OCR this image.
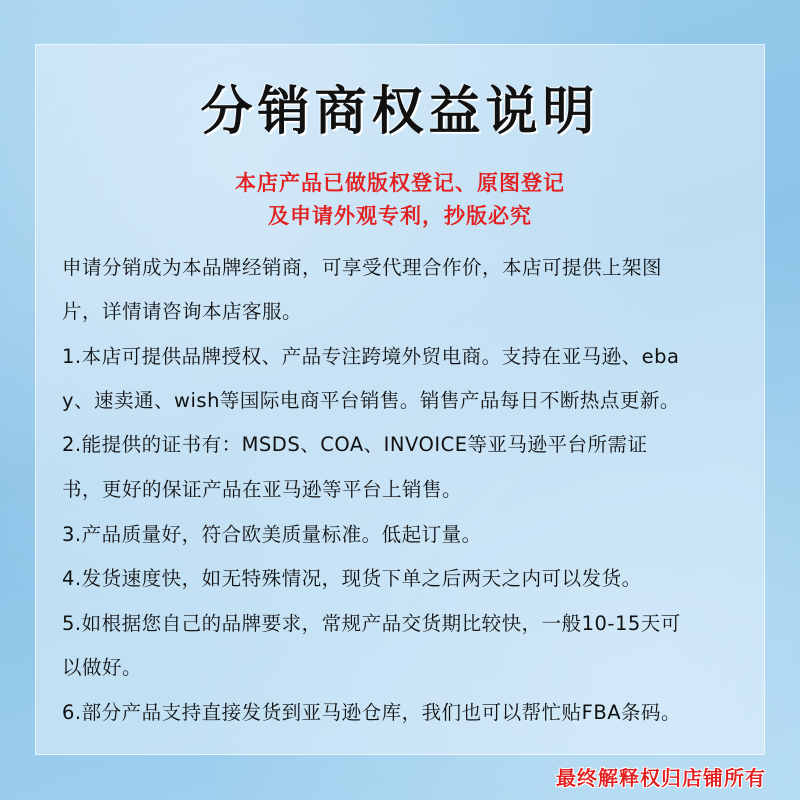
分销商权益说明
本店产品已做版权登记、原图登记
及申请外观专利，抄版必究
申请分销成为本品牌经销商，可享受代理合作价，本店可提供上架图
片，详情请咨询本店客服。
1.本店可提供品牌授权、产品专注跨境外贸电商。支持在亚马逊、eba
y、速卖通、wish等国际电商平台销售。销售产品每日不断热点更新。
2.能提供的证书有：MSDS、COA、INVOICE等亚马逊平台所需证
书，更好的保证产品在亚马逊等平台上销售。
3.产品质量好，符合欧美质量标准。低起订量。
4.发货速度快，如无特殊情况，现货下单之后两天之内可以发货。
5.如根据您自己的品牌要求，常规产品交货期比较快，一般10-15天可
以做好。
6.部分产品支持直接发货到亚马逊仓库，我们也可以帮忙贴FBA条码。
最终解释权归店铺所有
